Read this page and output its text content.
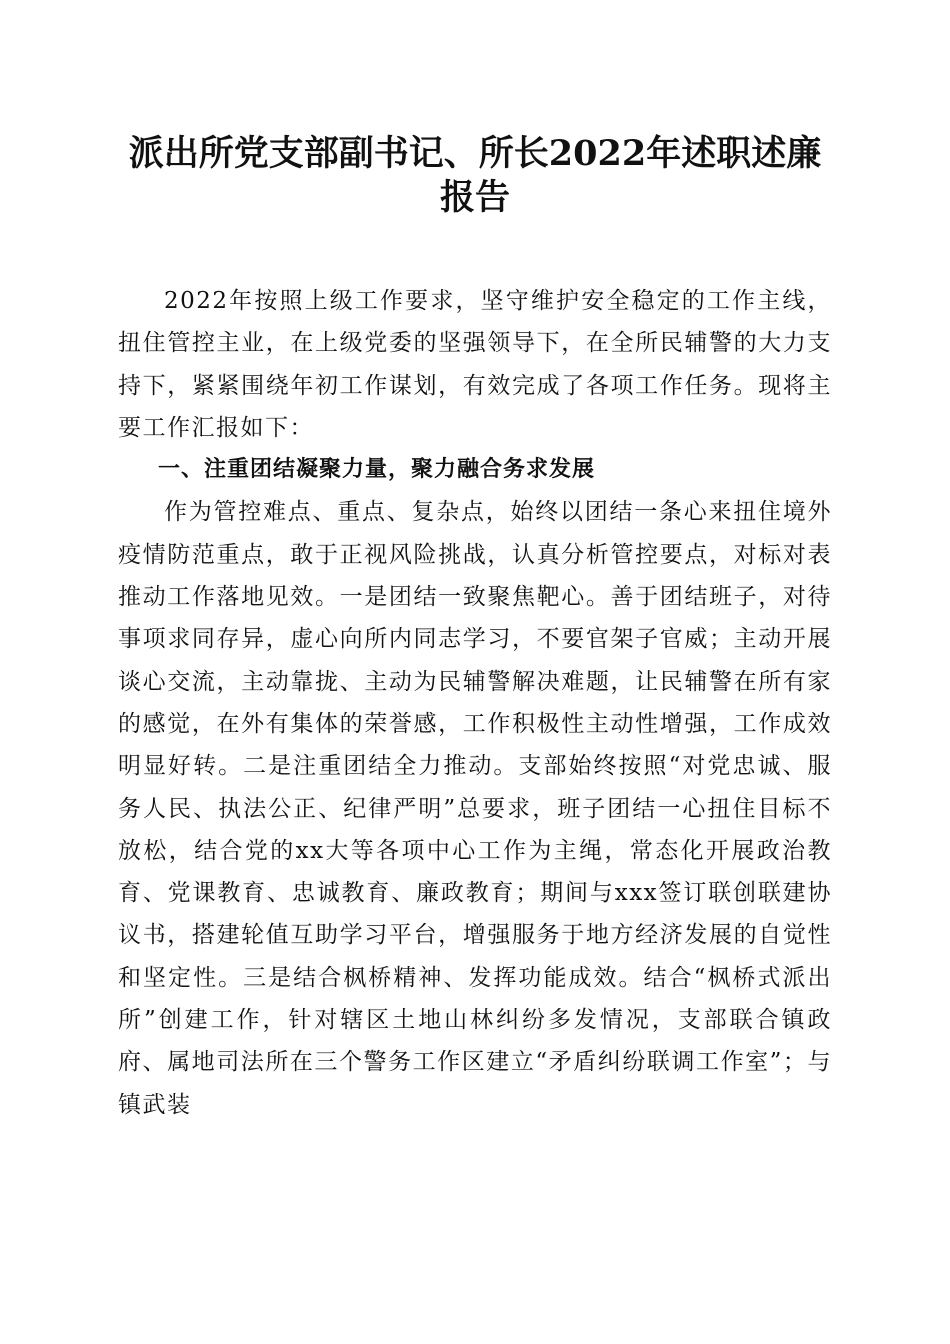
派出所党支部副书记、所长2022年述职述廉
报告

2022年按照上级工作要求，坚守维护安全稳定的工作主线，扭住管控主业，在上级党委的坚强领导下，在全所民辅警的大力支持下，紧紧围绕年初工作谋划，有效完成了各项工作任务。现将主要工作汇报如下：

一、注重团结凝聚力量，聚力融合务求发展

作为管控难点、重点、复杂点，始终以团结一条心来扭住境外疫情防范重点，敢于正视风险挑战，认真分析管控要点，对标对表推动工作落地见效。一是团结一致聚焦靶心。善于团结班子，对待事项求同存异，虚心向所内同志学习，不要官架子官威；主动开展谈心交流，主动靠拢、主动为民辅警解决难题，让民辅警在所有家的感觉，在外有集体的荣誉感，工作积极性主动性增强，工作成效明显好转。二是注重团结全力推动。支部始终按照“对党忠诚、服务人民、执法公正、纪律严明”总要求，班子团结一心扭住目标不放松，结合党的xx大等各项中心工作为主绳，常态化开展政治教育、党课教育、忠诚教育、廉政教育；期间与xxx签订联创联建协议书，搭建轮值互助学习平台，增强服务于地方经济发展的自觉性和坚定性。三是结合枫桥精神、发挥功能成效。结合“枫桥式派出所”创建工作，针对辖区土地山林纠纷多发情况，支部联合镇政府、属地司法所在三个警务工作区建立“矛盾纠纷联调工作室”；与镇武装
